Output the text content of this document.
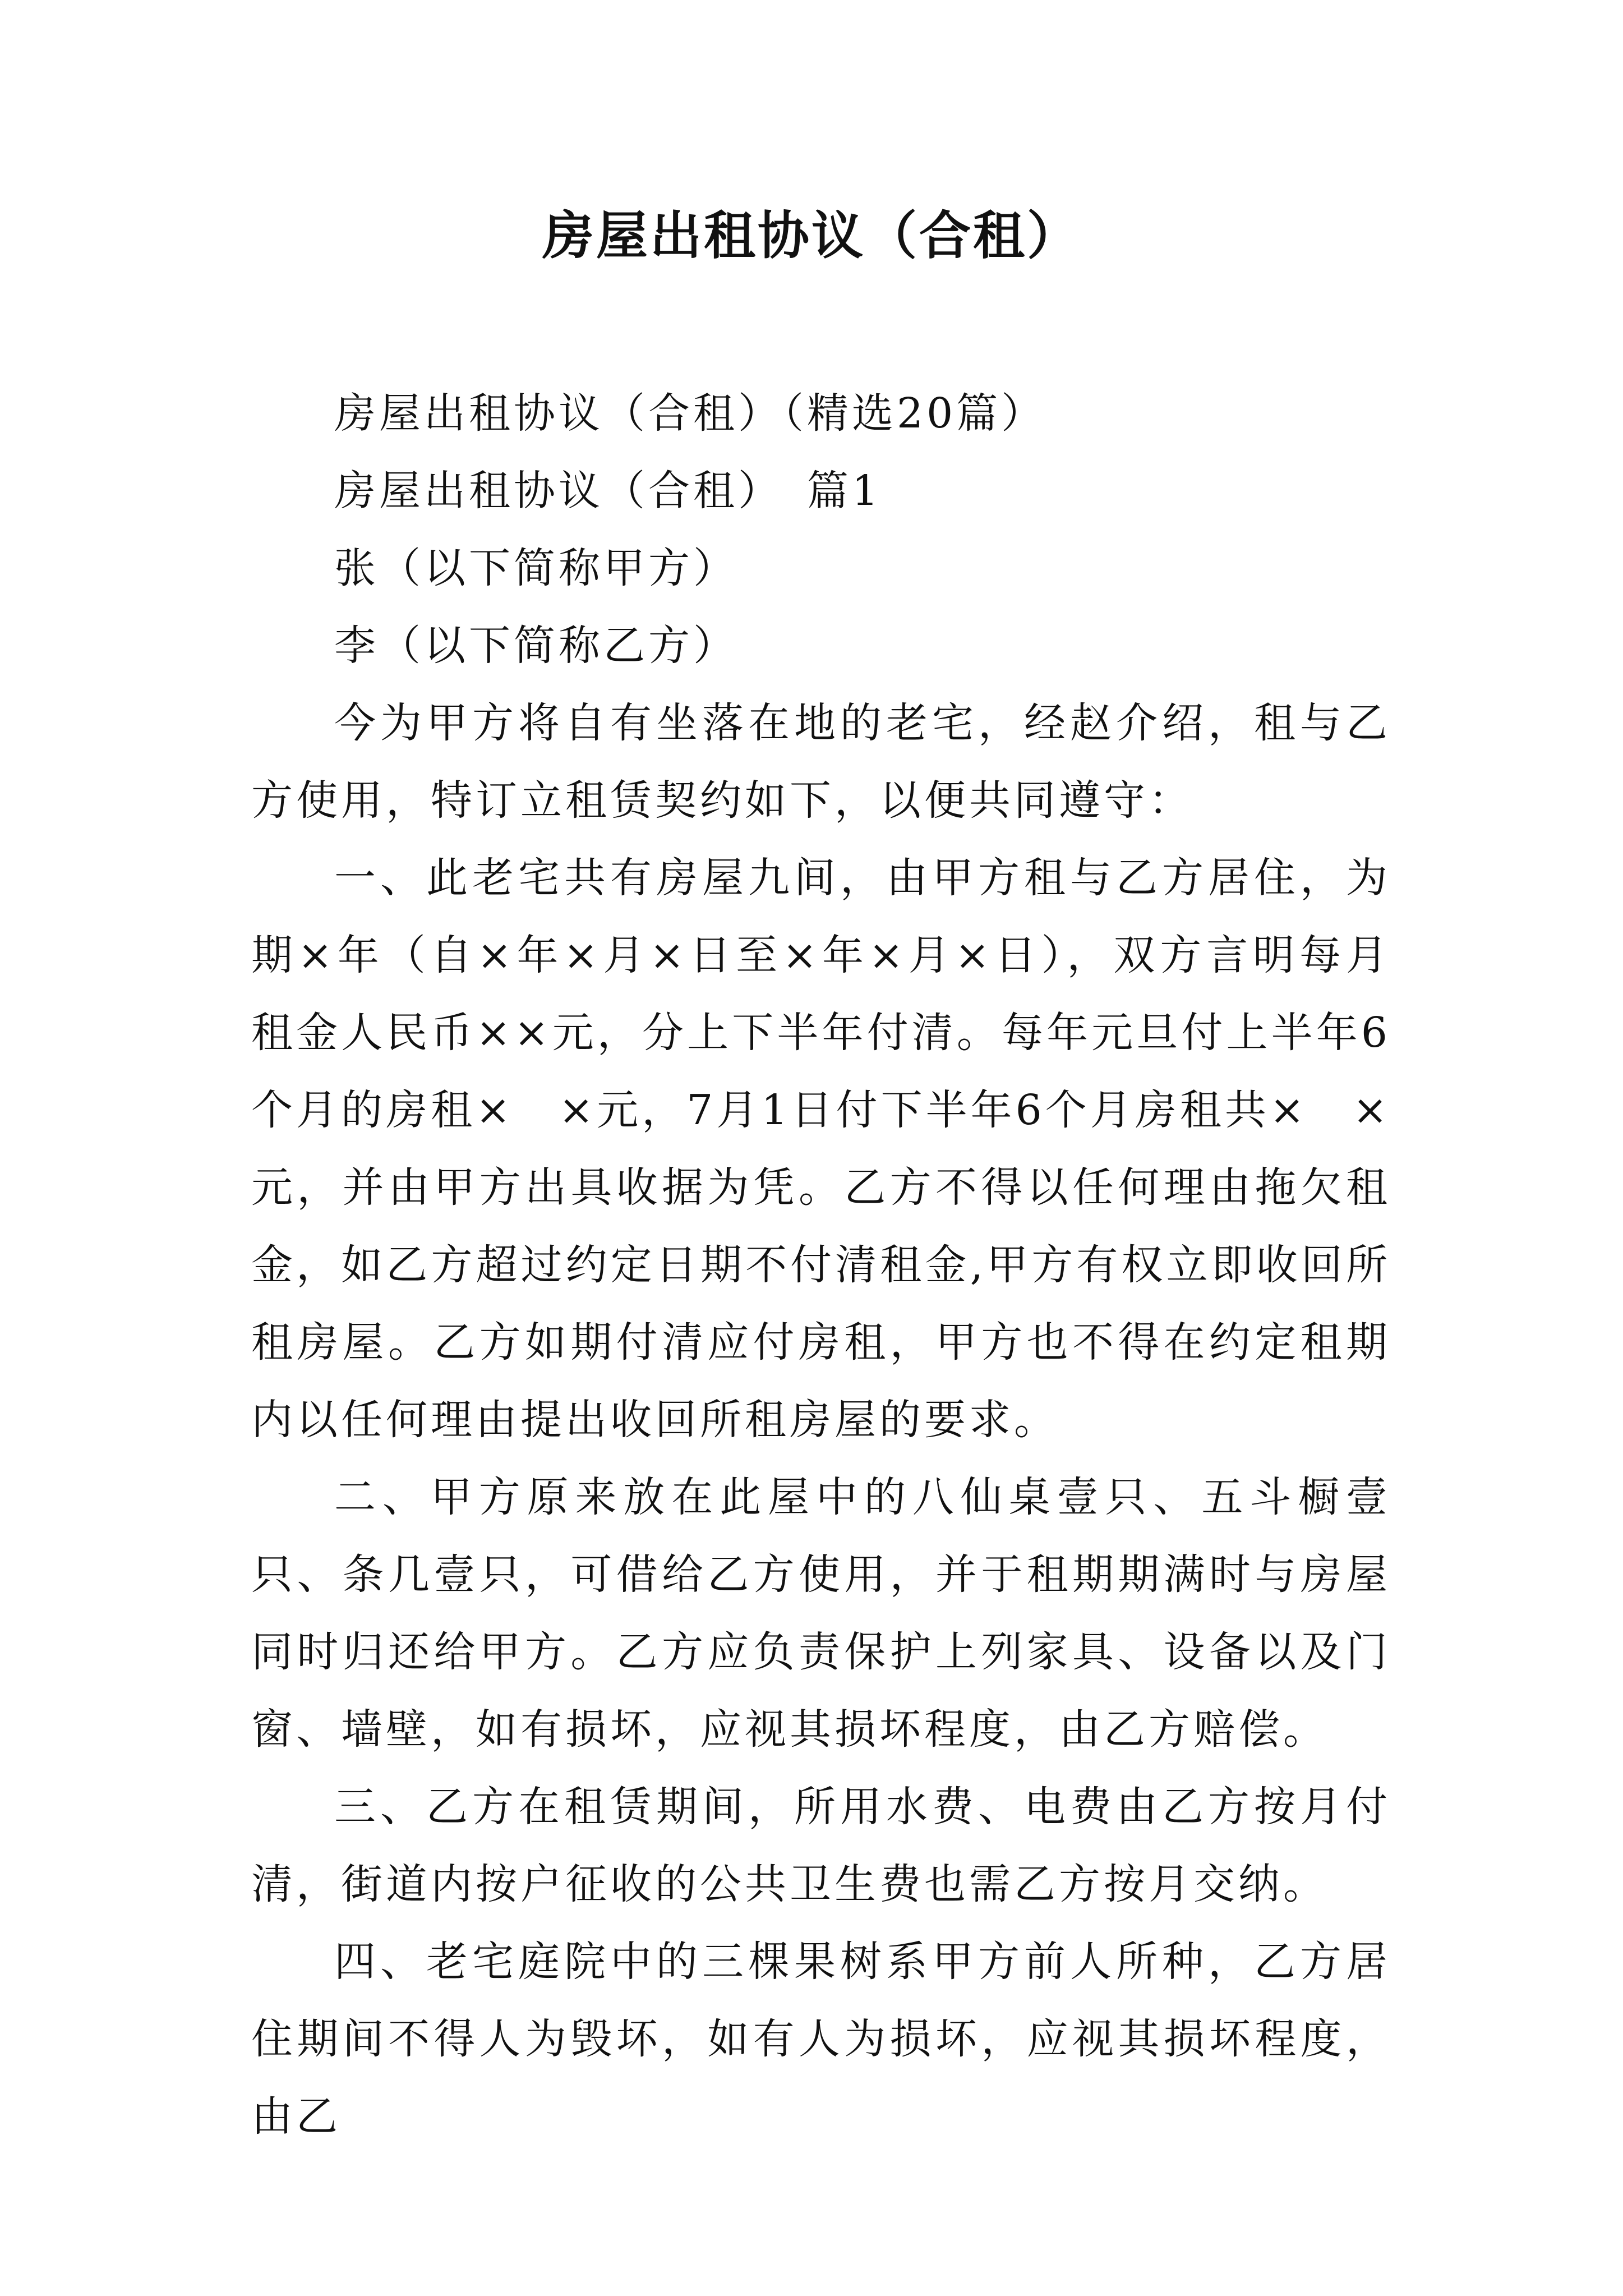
房屋出租协议（合租）

房屋出租协议（合租）（精选20篇）

房屋出租协议（合租）　篇1

张（以下简称甲方）

李（以下简称乙方）

今为甲方将自有坐落在地的老宅，经赵介绍，租与乙方使用，特订立租赁契约如下，以便共同遵守：

一、此老宅共有房屋九间，由甲方租与乙方居住，为期×年（自×年×月×日至×年×月×日），双方言明每月租金人民币××元，分上下半年付清。每年元旦付上半年6个月的房租×　×元，7月1日付下半年6个月房租共×　×元，并由甲方出具收据为凭。乙方不得以任何理由拖欠租金，如乙方超过约定日期不付清租金,甲方有权立即收回所租房屋。乙方如期付清应付房租，甲方也不得在约定租期内以任何理由提出收回所租房屋的要求。

二、甲方原来放在此屋中的八仙桌壹只、五斗橱壹只、条几壹只，可借给乙方使用，并于租期期满时与房屋同时归还给甲方。乙方应负责保护上列家具、设备以及门窗、墙壁，如有损坏，应视其损坏程度，由乙方赔偿。

三、乙方在租赁期间，所用水费、电费由乙方按月付清，街道内按户征收的公共卫生费也需乙方按月交纳。

四、老宅庭院中的三棵果树系甲方前人所种，乙方居住期间不得人为毁坏，如有人为损坏，应视其损坏程度，由乙
